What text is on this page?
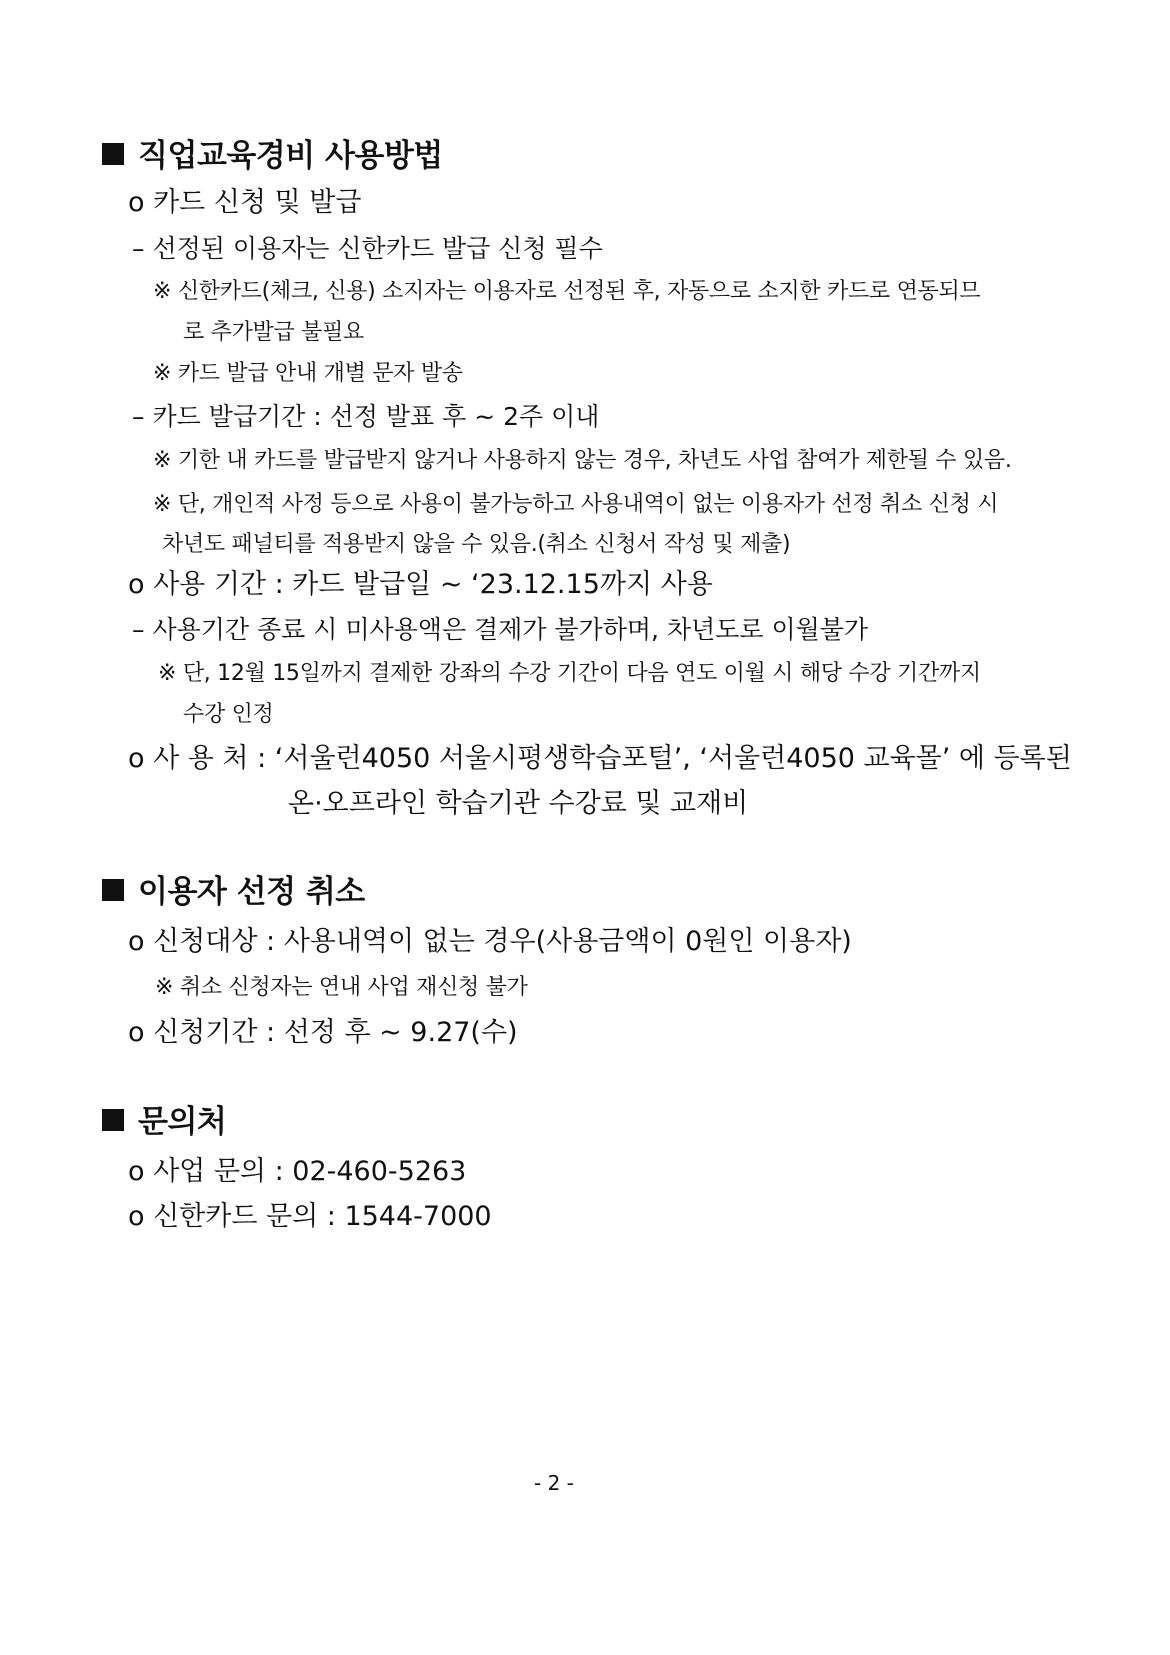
직업교육경비 사용방법
o 카드 신청 및 발급
– 선정된 이용자는 신한카드 발급 신청 필수
※ 신한카드(체크, 신용) 소지자는 이용자로 선정된 후, 자동으로 소지한 카드로 연동되므
로 추가발급 불필요
※ 카드 발급 안내 개별 문자 발송
– 카드 발급기간 : 선정 발표 후 ~ 2주 이내
※ 기한 내 카드를 발급받지 않거나 사용하지 않는 경우, 차년도 사업 참여가 제한될 수 있음.
※ 단, 개인적 사정 등으로 사용이 불가능하고 사용내역이 없는 이용자가 선정 취소 신청 시
차년도 패널티를 적용받지 않을 수 있음.(취소 신청서 작성 및 제출)
o 사용 기간 : 카드 발급일 ~ ‘23.12.15까지 사용
– 사용기간 종료 시 미사용액은 결제가 불가하며, 차년도로 이월불가
※ 단, 12월 15일까지 결제한 강좌의 수강 기간이 다음 연도 이월 시 해당 수강 기간까지
수강 인정
o 사 용 처 : ‘서울런4050 서울시평생학습포털’, ‘서울런4050 교육몰’ 에 등록된
온·오프라인 학습기관 수강료 및 교재비
이용자 선정 취소
o 신청대상 : 사용내역이 없는 경우(사용금액이 0원인 이용자)
※ 취소 신청자는 연내 사업 재신청 불가
o 신청기간 : 선정 후 ~ 9.27(수)
문의처
o 사업 문의 : 02-460-5263
o 신한카드 문의 : 1544-7000
- 2 -
